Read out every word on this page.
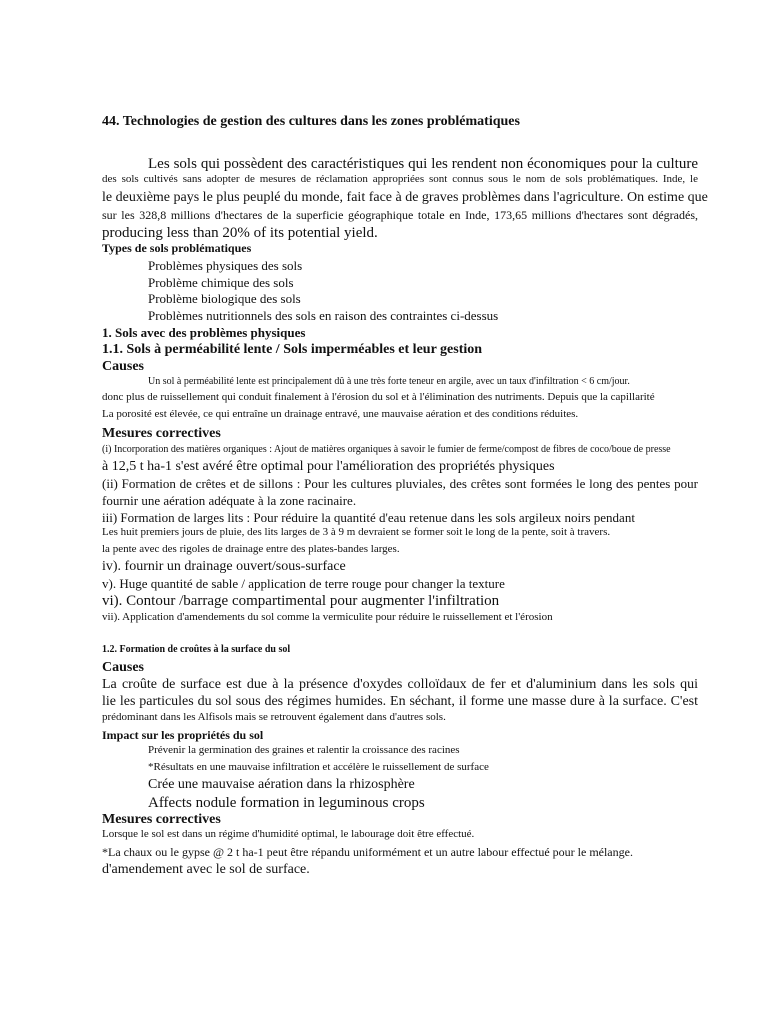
44. Technologies de gestion des cultures dans les zones problématiques
Les sols qui possèdent des caractéristiques qui les rendent non économiques pour la culture
des sols cultivés sans adopter de mesures de réclamation appropriées sont connus sous le nom de sols problématiques. Inde, le
le deuxième pays le plus peuplé du monde, fait face à de graves problèmes dans l'agriculture. On estime que
sur les 328,8 millions d'hectares de la superficie géographique totale en Inde, 173,65 millions d'hectares sont dégradés,
producing less than 20% of its potential yield.
Types de sols problématiques
Problèmes physiques des sols
Problème chimique des sols
Problème biologique des sols
Problèmes nutritionnels des sols en raison des contraintes ci-dessus
1. Sols avec des problèmes physiques
1.1. Sols à perméabilité lente / Sols imperméables et leur gestion
Causes
Un sol à perméabilité lente est principalement dû à une très forte teneur en argile, avec un taux d'infiltration < 6 cm/jour.
donc plus de ruissellement qui conduit finalement à l'érosion du sol et à l'élimination des nutriments. Depuis que la capillarité
La porosité est élevée, ce qui entraîne un drainage entravé, une mauvaise aération et des conditions réduites.
Mesures correctives
(i) Incorporation des matières organiques : Ajout de matières organiques à savoir le fumier de ferme/compost de fibres de coco/boue de presse
à 12,5 t ha-1 s'est avéré être optimal pour l'amélioration des propriétés physiques
(ii) Formation de crêtes et de sillons : Pour les cultures pluviales, des crêtes sont formées le long des pentes pour
fournir une aération adéquate à la zone racinaire.
iii) Formation de larges lits : Pour réduire la quantité d'eau retenue dans les sols argileux noirs pendant
Les huit premiers jours de pluie, des lits larges de 3 à 9 m devraient se former soit le long de la pente, soit à travers.
la pente avec des rigoles de drainage entre des plates-bandes larges.
iv). fournir un drainage ouvert/sous-surface
v). Huge quantité de sable / application de terre rouge pour changer la texture
vi). Contour /barrage compartimental pour augmenter l'infiltration
vii). Application d'amendements du sol comme la vermiculite pour réduire le ruissellement et l'érosion
1.2. Formation de croûtes à la surface du sol
Causes
La croûte de surface est due à la présence d'oxydes colloïdaux de fer et d'aluminium dans les sols qui
lie les particules du sol sous des régimes humides. En séchant, il forme une masse dure à la surface. C'est
prédominant dans les Alfisols mais se retrouvent également dans d'autres sols.
Impact sur les propriétés du sol
Prévenir la germination des graines et ralentir la croissance des racines
*Résultats en une mauvaise infiltration et accélère le ruissellement de surface
Crée une mauvaise aération dans la rhizosphère
Affects nodule formation in leguminous crops
Mesures correctives
Lorsque le sol est dans un régime d'humidité optimal, le labourage doit être effectué.
*La chaux ou le gypse @ 2 t ha-1 peut être répandu uniformément et un autre labour effectué pour le mélange.
d'amendement avec le sol de surface.
